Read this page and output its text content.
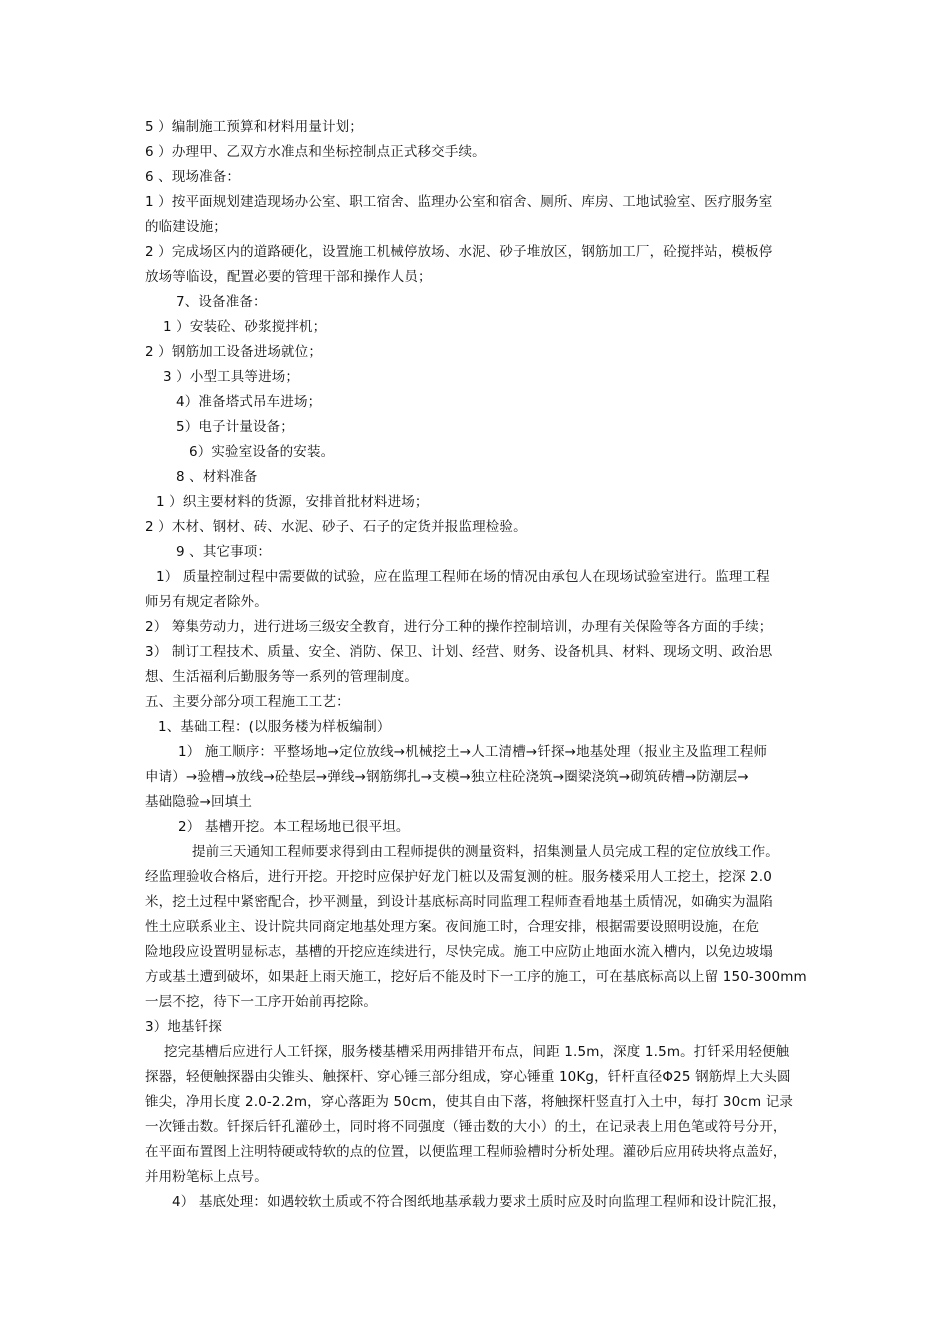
5 ）编制施工预算和材料用量计划；
6 ）办理甲、乙双方水准点和坐标控制点正式移交手续。
6 、现场准备：
1 ）按平面规划建造现场办公室、职工宿舍、监理办公室和宿舍、厕所、库房、工地试验室、医疗服务室
的临建设施；
2 ）完成场区内的道路硬化，设置施工机械停放场、水泥、砂子堆放区，钢筋加工厂，砼搅拌站，模板停
放场等临设，配置必要的管理干部和操作人员；
7、设备准备：
1 ）安装砼、砂浆搅拌机；
2 ）钢筋加工设备进场就位；
3 ）小型工具等进场；
4）准备塔式吊车进场；
5）电子计量设备；
6）实验室设备的安装。
8 、材料准备
1 ）织主要材料的货源，安排首批材料进场；
2 ）木材、钢材、砖、水泥、砂子、石子的定货并报监理检验。
9 、其它事项：
1） 质量控制过程中需要做的试验，应在监理工程师在场的情况由承包人在现场试验室进行。监理工程
师另有规定者除外。
2） 筹集劳动力，进行进场三级安全教育，进行分工种的操作控制培训，办理有关保险等各方面的手续；
3） 制订工程技术、质量、安全、消防、保卫、计划、经营、财务、设备机具、材料、现场文明、政治思
想、生活福利后勤服务等一系列的管理制度。
五、主要分部分项工程施工工艺：
1、基础工程：(以服务楼为样板编制）
1） 施工顺序：平整场地→定位放线→机械挖土→人工清槽→钎探→地基处理（报业主及监理工程师
申请）→验槽→放线→砼垫层→弹线→钢筋绑扎→支模→独立柱砼浇筑→圈梁浇筑→砌筑砖槽→防潮层→
基础隐验→回填土
2） 基槽开挖。本工程场地已很平坦。
提前三天通知工程师要求得到由工程师提供的测量资料，招集测量人员完成工程的定位放线工作。
经监理验收合格后，进行开挖。开挖时应保护好龙门桩以及需复测的桩。服务楼采用人工挖土，挖深 2.0
米，挖土过程中紧密配合，抄平测量，到设计基底标高时同监理工程师查看地基土质情况，如确实为温陷
性土应联系业主、设计院共同商定地基处理方案。夜间施工时，合理安排，根据需要设照明设施，在危
险地段应设置明显标志，基槽的开挖应连续进行，尽快完成。施工中应防止地面水流入槽内，以免边坡塌
方或基土遭到破坏，如果赶上雨天施工，挖好后不能及时下一工序的施工，可在基底标高以上留 150-300mm
一层不挖，待下一工序开始前再挖除。
3）地基钎探
挖完基槽后应进行人工钎探，服务楼基槽采用两排错开布点，间距 1.5m，深度 1.5m。打钎采用轻便触
探器，轻便触探器由尖锥头、触探杆、穿心锤三部分组成，穿心锤重 10Kg，钎杆直径Φ25 钢筋焊上大头圆
锥尖，净用长度 2.0-2.2m，穿心落距为 50cm，使其自由下落，将触探杆竖直打入土中，每打 30cm 记录
一次锤击数。钎探后钎孔灌砂土，同时将不同强度（锤击数的大小）的土，在记录表上用色笔或符号分开，
在平面布置图上注明特硬或特软的点的位置，以便监理工程师验槽时分析处理。灌砂后应用砖块将点盖好，
并用粉笔标上点号。
4） 基底处理：如遇较软土质或不符合图纸地基承载力要求土质时应及时向监理工程师和设计院汇报，
